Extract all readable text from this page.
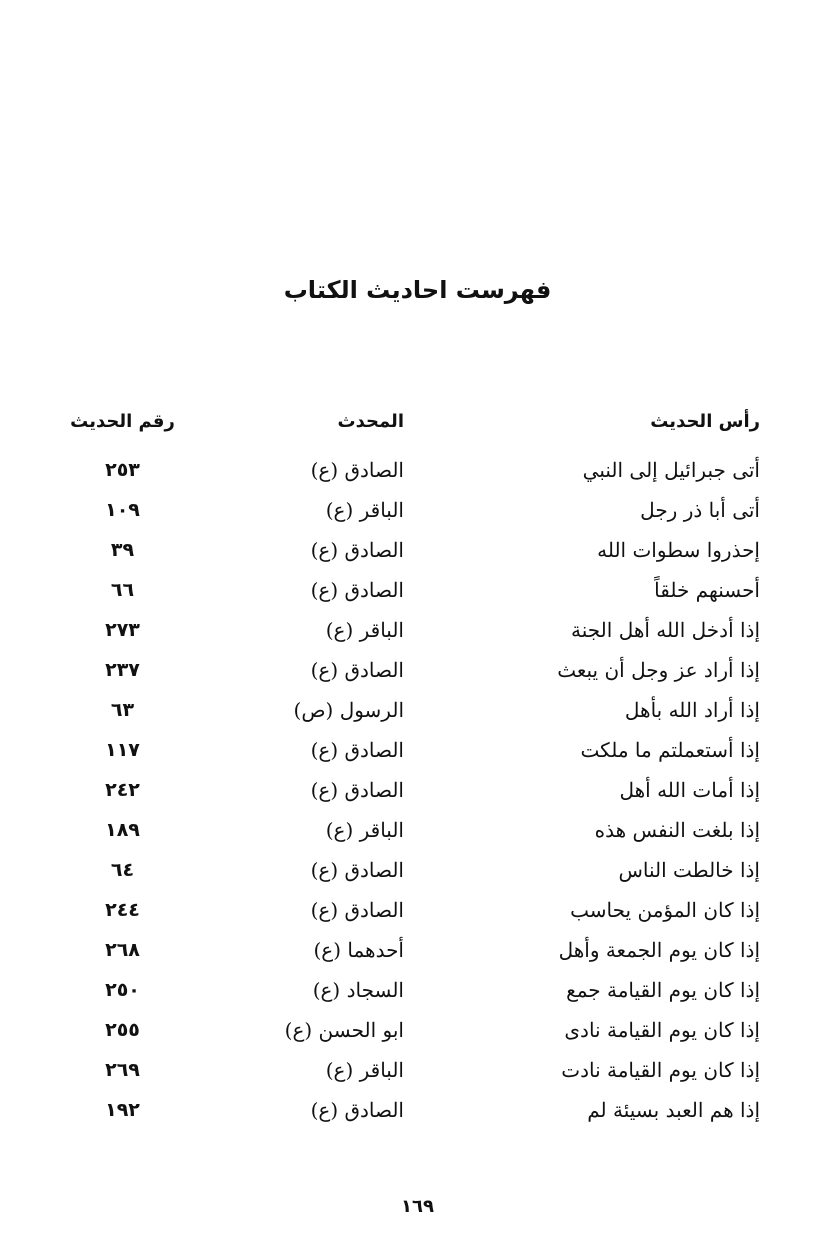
فهرست احاديث الكتاب
رأس الحديث
المحدث
رقم الحديث
أتى جبرائيل إلى النبي
الصادق (ع)
٢٥٣
أتى أبا ذر رجل
الباقر (ع)
١٠٩
إحذروا سطوات الله
الصادق (ع)
٣٩
أحسنهم خلقاً
الصادق (ع)
٦٦
إذا أدخل الله أهل الجنة
الباقر (ع)
٢٧٣
إذا أراد عز وجل أن يبعث
الصادق (ع)
٢٣٧
إذا أراد الله بأهل
الرسول (ص)
٦٣
إذا أستعملتم ما ملكت
الصادق (ع)
١١٧
إذا أمات الله أهل
الصادق (ع)
٢٤٢
إذا بلغت النفس هذه
الباقر (ع)
١٨٩
إذا خالطت الناس
الصادق (ع)
٦٤
إذا كان المؤمن يحاسب
الصادق (ع)
٢٤٤
إذا كان يوم الجمعة وأهل
أحدهما (ع)
٢٦٨
إذا كان يوم القيامة جمع
السجاد (ع)
٢٥٠
إذا كان يوم القيامة نادى
ابو الحسن (ع)
٢٥٥
إذا كان يوم القيامة نادت
الباقر (ع)
٢٦٩
إذا هم العبد بسيئة لم
الصادق (ع)
١٩٢
١٦٩
